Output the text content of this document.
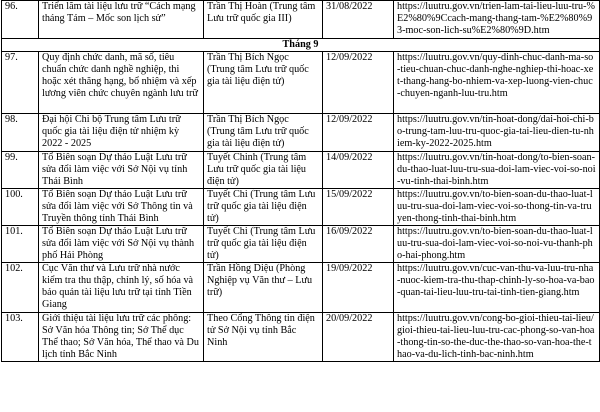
96.	Triển lãm tài liệu lưu trữ “Cách mạng tháng Tám – Mốc son lịch sử”	Trần Thị Hoàn (Trung tâm Lưu trữ quốc gia III)	31/08/2022	https://luutru.gov.vn/trien-lam-tai-lieu-luu-tru-%E2%80%9Ccach-mang-thang-tam-%E2%80%93-moc-son-lich-su%E2%80%9D.htm
Tháng 9				
97.	Quy định chức danh, mã số, tiêu chuẩn chức danh nghề nghiệp, thi hoặc xét thăng hạng, bổ nhiệm và xếp lương viên chức chuyên ngành lưu trữ	Trần Thị Bích Ngọc (Trung tâm Lưu trữ quốc gia tài liệu điện tử)	12/09/2022	https://luutru.gov.vn/quy-dinh-chuc-danh-ma-so-tieu-chuan-chuc-danh-nghe-nghiep-thi-hoac-xet-thang-hang-bo-nhiem-va-xep-luong-vien-chuc-chuyen-nganh-luu-tru.htm
98.	Đại hội Chi bộ Trung tâm Lưu trữ quốc gia tài liệu điện tử nhiệm kỳ 2022 - 2025	Trần Thị Bích Ngọc (Trung tâm Lưu trữ quốc gia tài liệu điện tử)	12/09/2022	https://luutru.gov.vn/tin-hoat-dong/dai-hoi-chi-bo-trung-tam-luu-tru-quoc-gia-tai-lieu-dien-tu-nhiem-ky-2022-2025.htm
99.	Tổ Biên soạn Dự thảo Luật Lưu trữ sửa đổi làm việc với Sở Nội vụ tỉnh Thái Bình	Tuyết Chinh (Trung tâm Lưu trữ quốc gia tài liệu điện tử)	14/09/2022	https://luutru.gov.vn/tin-hoat-dong/to-bien-soan-du-thao-luat-luu-tru-sua-doi-lam-viec-voi-so-noi-vu-tinh-thai-binh.htm
100.	Tổ Biên soạn Dự thảo Luật Lưu trữ sửa đổi làm việc với Sở Thông tin và Truyền thông tỉnh Thái Bình	Tuyết Chi (Trung tâm Lưu trữ quốc gia tài liệu điện tử)	15/09/2022	https://luutru.gov.vn/to-bien-soan-du-thao-luat-luu-tru-sua-doi-lam-viec-voi-so-thong-tin-va-truyen-thong-tinh-thai-binh.htm
101.	Tổ Biên soạn Dự thảo Luật Lưu trữ sửa đổi làm việc với Sở Nội vụ thành phố Hải Phòng	Tuyết Chi (Trung tâm Lưu trữ quốc gia tài liệu điện tử)	16/09/2022	https://luutru.gov.vn/to-bien-soan-du-thao-luat-luu-tru-sua-doi-lam-viec-voi-so-noi-vu-thanh-pho-hai-phong.htm
102.	Cục Văn thư và Lưu trữ nhà nước kiểm tra thu thập, chỉnh lý, số hóa và bảo quản tài liệu lưu trữ tại tỉnh Tiền Giang	Trần Hồng Diệu (Phòng Nghiệp vụ Văn thư – Lưu trữ)	19/09/2022	https://luutru.gov.vn/cuc-van-thu-va-luu-tru-nha-nuoc-kiem-tra-thu-thap-chinh-ly-so-hoa-va-bao-quan-tai-lieu-luu-tru-tai-tinh-tien-giang.htm
103.	Giới thiệu tài liệu lưu trữ các phông: Sở Văn hóa Thông tin; Sở Thể dục Thể thao; Sở Văn hóa, Thể thao và Du lịch tỉnh Bắc Ninh	Theo Cổng Thông tin điện tử Sở Nội vụ tỉnh Bắc Ninh	20/09/2022	https://luutru.gov.vn/cong-bo-gioi-thieu-tai-lieu/gioi-thieu-tai-lieu-luu-tru-cac-phong-so-van-hoa-thong-tin-so-the-duc-the-thao-so-van-hoa-the-thao-va-du-lich-tinh-bac-ninh.htm
